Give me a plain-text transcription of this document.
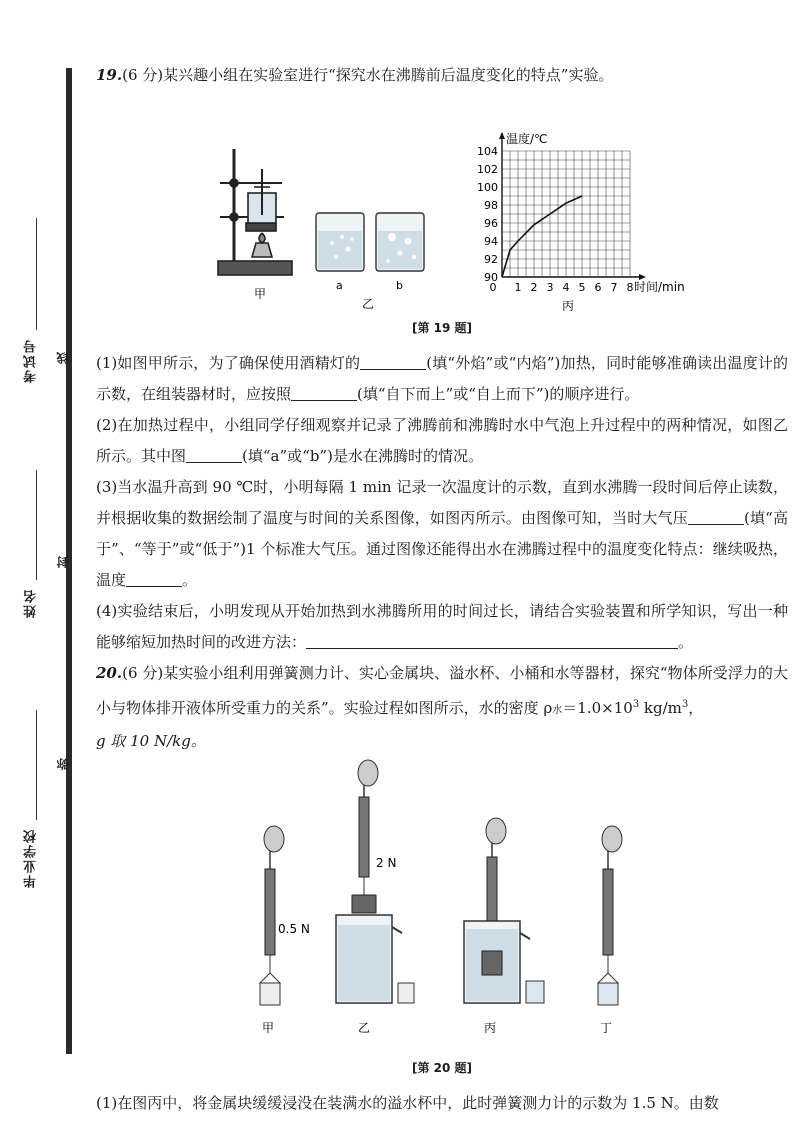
考试号
姓名
毕业学校
线
封
弥

19.(6 分)某兴趣小组在实验室进行“探究水在沸腾前后温度变化的特点”实验。

甲
a	b
乙
90
92
94
96
98
100
102
104
0 1 2 3 4 5 6 7 8
温度/℃
时间/min
丙
[第 19 题]

(1)如图甲所示，为了确保使用酒精灯的	(填“外焰”或“内焰”)加热，同时能够准确读出温度计的示数，在组装器材时，应按照	(填“自下而上”或“自上而下”)的顺序进行。

(2)在加热过程中，小组同学仔细观察并记录了沸腾前和沸腾时水中气泡上升过程中的两种情况，如图乙所示。其中图	(填“a”或“b”)是水在沸腾时的情况。

(3)当水温升高到 90 ℃时，小明每隔 1 min 记录一次温度计的示数，直到水沸腾一段时间后停止读数，并根据收集的数据绘制了温度与时间的关系图像，如图丙所示。由图像可知，当时大气压	(填“高于”、“等于”或“低于”)1 个标准大气压。通过图像还能得出水在沸腾过程中的温度变化特点：继续吸热，温度	。

(4)实验结束后，小明发现从开始加热到水沸腾所用的时间过长，请结合实验装置和所学知识，写出一种能够缩短加热时间的改进方法：	。

20.(6 分)某实验小组利用弹簧测力计、实心金属块、溢水杯、小桶和水等器材，探究“物体所受浮力的大小与物体排开液体所受重力的关系”。实验过程如图所示，水的密度 ρ水$=1.0\times 10^3$ $kg/m^3$，

g 取 10 N/kg。

0.5 N
甲
2 N
乙	丙	丁
[第 20 题]

(1)在图丙中，将金属块缓缓浸没在装满水的溢水杯中，此时弹簧测力计的示数为 1.5 N。由数
